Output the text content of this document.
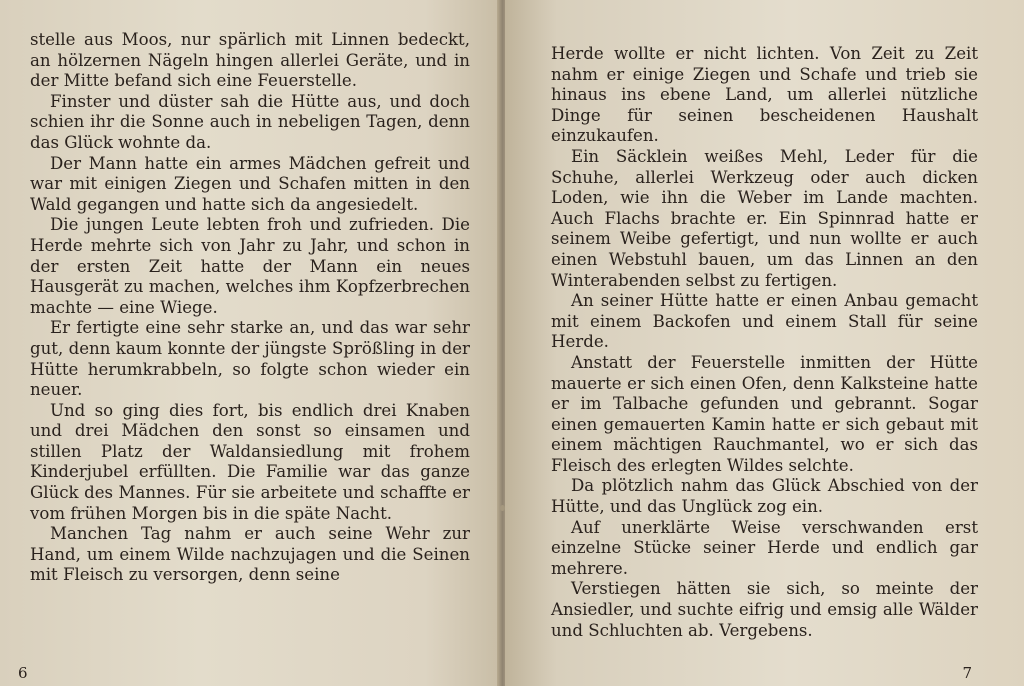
stelle aus Moos, nur spärlich mit Linnen bedeckt, an hölzernen Nägeln hingen allerlei Geräte, und in der Mitte befand sich eine Feuerstelle.

Finster und düster sah die Hütte aus, und doch schien ihr die Sonne auch in nebeligen Tagen, denn das Glück wohnte da.

Der Mann hatte ein armes Mädchen gefreit und war mit einigen Ziegen und Schafen mitten in den Wald gegangen und hatte sich da angesiedelt.

Die jungen Leute lebten froh und zufrieden. Die Herde mehrte sich von Jahr zu Jahr, und schon in der ersten Zeit hatte der Mann ein neues Hausgerät zu machen, welches ihm Kopfzerbrechen machte — eine Wiege.

Er fertigte eine sehr starke an, und das war sehr gut, denn kaum konnte der jüngste Sprößling in der Hütte herumkrabbeln, so folgte schon wieder ein neuer.

Und so ging dies fort, bis endlich drei Knaben und drei Mädchen den sonst so einsamen und stillen Platz der Waldansiedlung mit frohem Kinderjubel erfüllten. Die Familie war das ganze Glück des Mannes. Für sie arbeitete und schaffte er vom frühen Morgen bis in die späte Nacht.

Manchen Tag nahm er auch seine Wehr zur Hand, um einem Wilde nachzujagen und die Seinen mit Fleisch zu versorgen, denn seine

6

Herde wollte er nicht lichten. Von Zeit zu Zeit nahm er einige Ziegen und Schafe und trieb sie hinaus ins ebene Land, um allerlei nützliche Dinge für seinen bescheidenen Haushalt einzukaufen.

Ein Säcklein weißes Mehl, Leder für die Schuhe, allerlei Werkzeug oder auch dicken Loden, wie ihn die Weber im Lande machten. Auch Flachs brachte er. Ein Spinnrad hatte er seinem Weibe gefertigt, und nun wollte er auch einen Webstuhl bauen, um das Linnen an den Winterabenden selbst zu fertigen.

An seiner Hütte hatte er einen Anbau gemacht mit einem Backofen und einem Stall für seine Herde.

Anstatt der Feuerstelle inmitten der Hütte mauerte er sich einen Ofen, denn Kalksteine hatte er im Talbache gefunden und gebrannt. Sogar einen gemauerten Kamin hatte er sich gebaut mit einem mächtigen Rauchmantel, wo er sich das Fleisch des erlegten Wildes selchte.

Da plötzlich nahm das Glück Abschied von der Hütte, und das Unglück zog ein.

Auf unerklärte Weise verschwanden erst einzelne Stücke seiner Herde und endlich gar mehrere.

Verstiegen hätten sie sich, so meinte der Ansiedler, und suchte eifrig und emsig alle Wälder und Schluchten ab. Vergebens.

7
